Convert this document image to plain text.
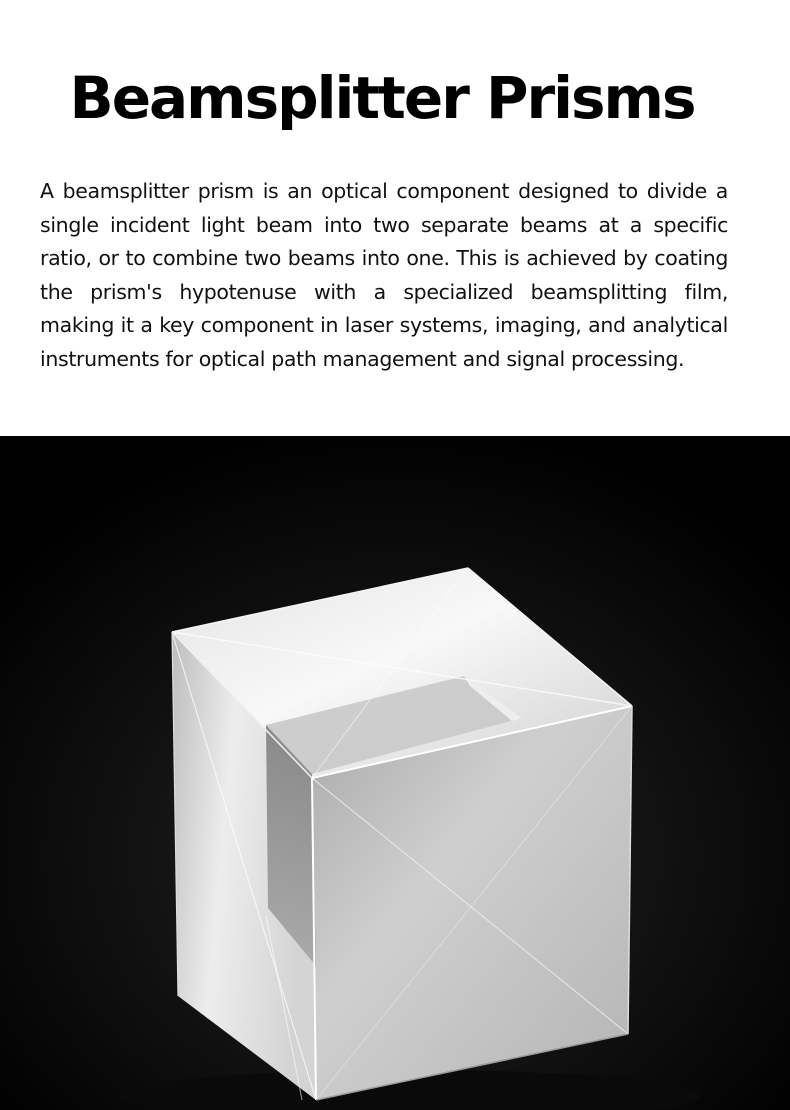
Beamsplitter Prisms

A beamsplitter prism is an optical component designed to divide a single incident light beam into two separate beams at a specific ratio, or to combine two beams into one. This is achieved by coating the prism's hypotenuse with a specialized beamsplitting film, making it a key component in laser systems, imaging, and analytical instruments for optical path management and signal processing.
